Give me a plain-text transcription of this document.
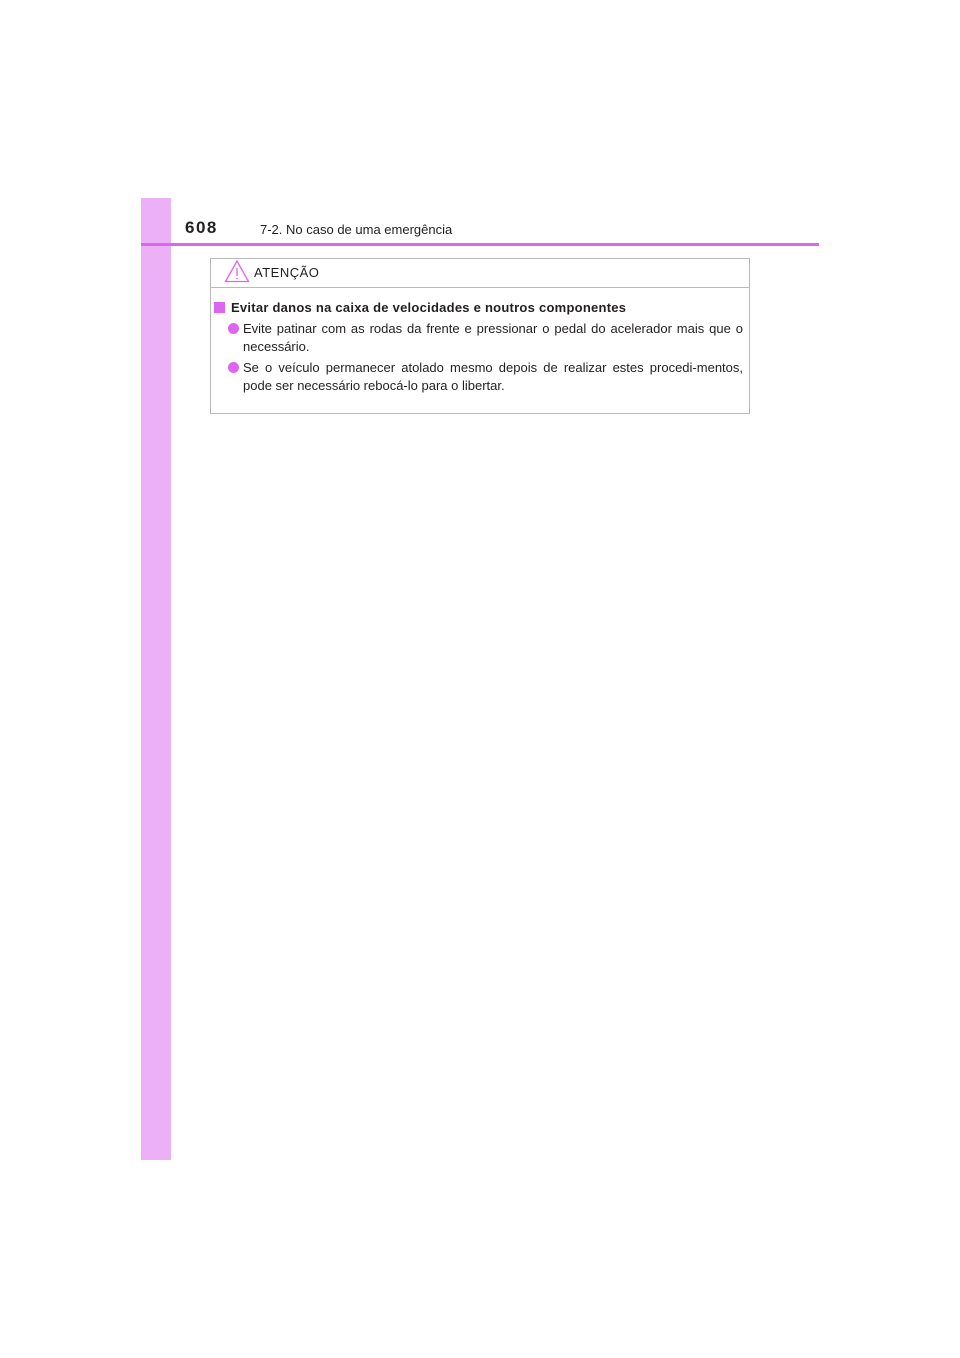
608	7-2. No caso de uma emergência
ATENÇÃO
Evitar danos na caixa de velocidades e noutros componentes
Evite patinar com as rodas da frente e pressionar o pedal do acelerador mais que o necessário.
Se o veículo permanecer atolado mesmo depois de realizar estes procedi-mentos, pode ser necessário rebocá-lo para o libertar.
